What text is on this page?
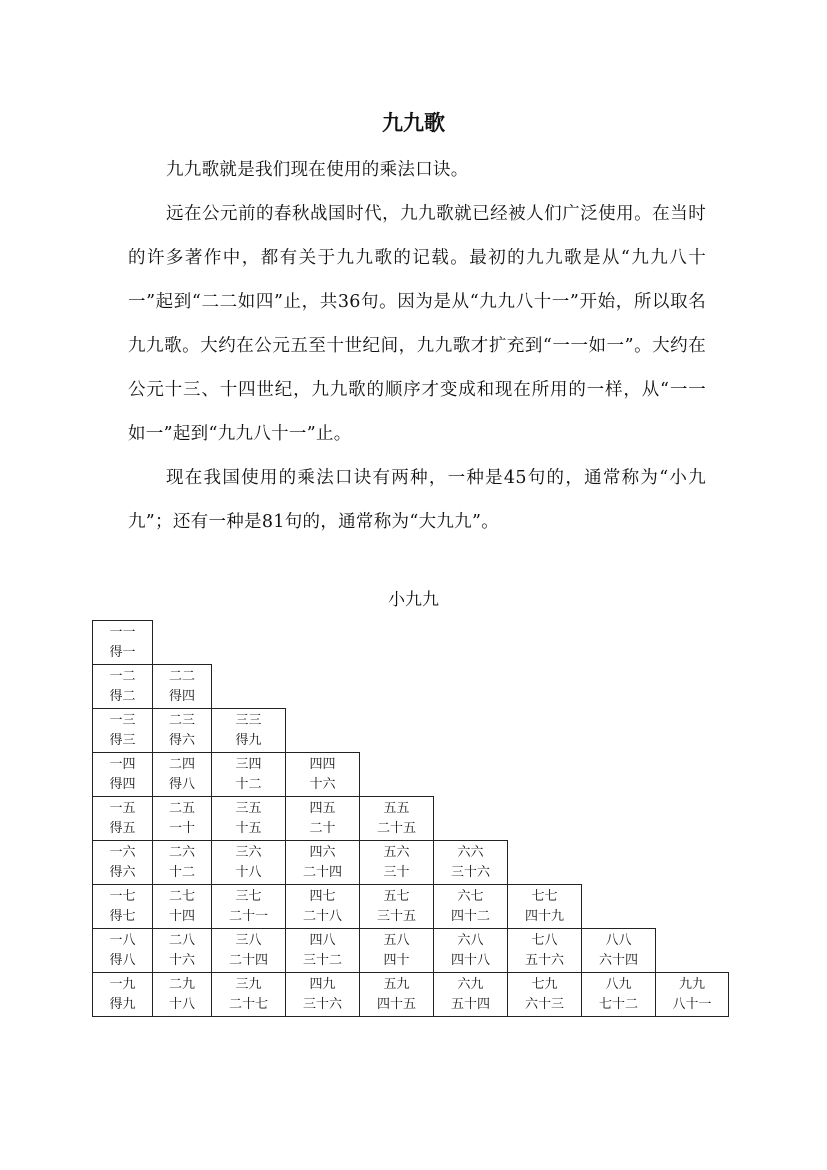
九九歌

九九歌就是我们现在使用的乘法口诀。

远在公元前的春秋战国时代，九九歌就已经被人们广泛使用。在当时的许多著作中，都有关于九九歌的记载。最初的九九歌是从“九九八十一”起到“二二如四”止，共36句。因为是从“九九八十一”开始，所以取名九九歌。大约在公元五至十世纪间，九九歌才扩充到“一一如一”。大约在公元十三、十四世纪，九九歌的顺序才变成和现在所用的一样，从“一一如一”起到“九九八十一”止。

现在我国使用的乘法口诀有两种，一种是45句的，通常称为“小九九”；还有一种是81句的，通常称为“大九九”。

小九九
一一
得一
一二
得二
二二
得四
一三
得三
二三
得六
三三
得九
一四
得四
二四
得八
三四
十二
四四
十六
一五
得五
二五
一十
三五
十五
四五
二十
五五
二十五
一六
得六
二六
十二
三六
十八
四六
二十四
五六
三十
六六
三十六
一七
得七
二七
十四
三七
二十一
四七
二十八
五七
三十五
六七
四十二
七七
四十九
一八
得八
二八
十六
三八
二十四
四八
三十二
五八
四十
六八
四十八
七八
五十六
八八
六十四
一九
得九
二九
十八
三九
二十七
四九
三十六
五九
四十五
六九
五十四
七九
六十三
八九
七十二
九九
八十一
